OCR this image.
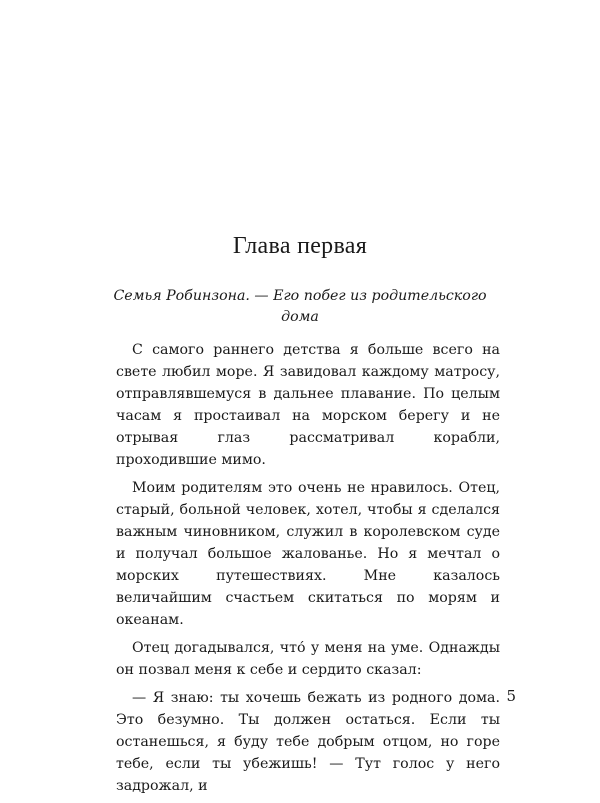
Глава первая

Семья Робинзона. — Его побег из родительского дома

С самого раннего детства я больше всего на свете любил море. Я завидовал каждому матросу, отправлявшемуся в дальнее плавание. По целым часам я простаивал на морском берегу и не отрывая глаз рассматривал корабли, проходившие мимо.

Моим родителям это очень не нравилось. Отец, старый, больной человек, хотел, чтобы я сделался важным чиновником, служил в королевском суде и получал большое жалованье. Но я мечтал о морских путешествиях. Мне казалось величайшим счастьем скитаться по морям и океанам.

Отец догадывался, что́ у меня на уме. Однажды он позвал меня к себе и сердито сказал:

— Я знаю: ты хочешь бежать из родного дома. Это безумно. Ты должен остаться. Если ты останешься, я буду тебе добрым отцом, но горе тебе, если ты убежишь! — Тут голос у него задрожал, и

5
